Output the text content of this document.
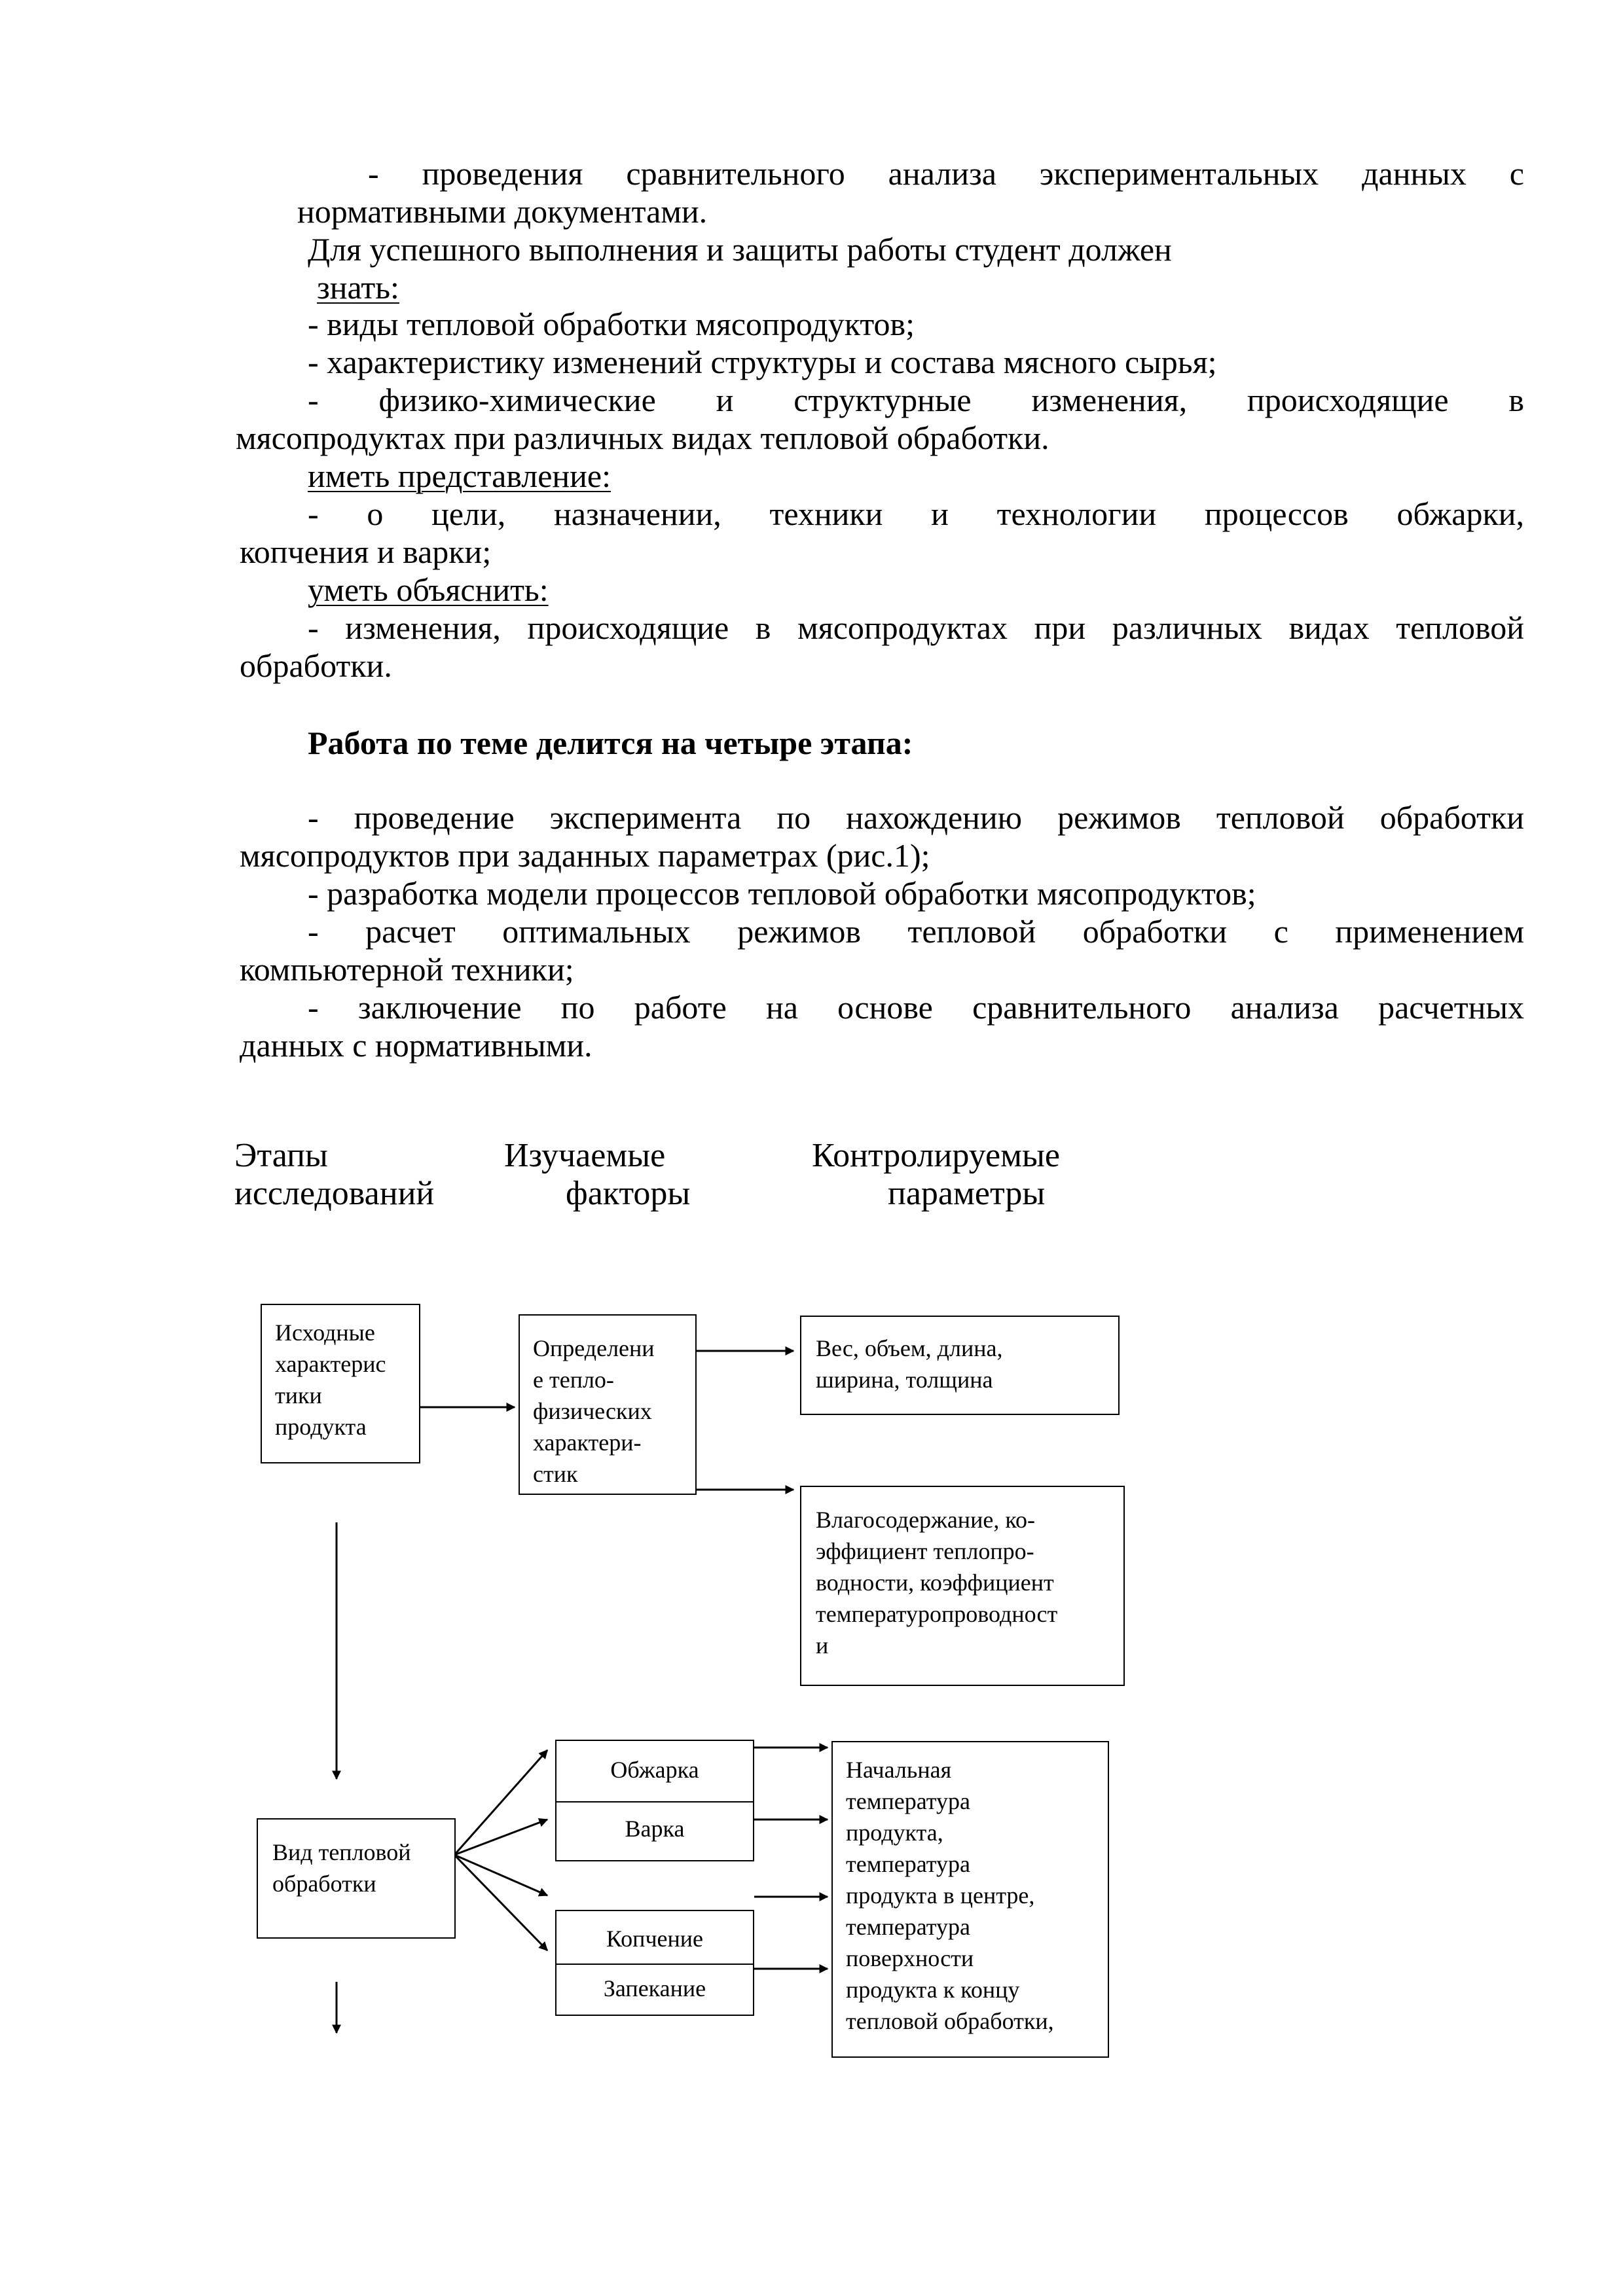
- проведения сравнительного анализа экспериментальных данных с
нормативными документами.
Для успешного выполнения и защиты работы студент должен
знать:
- виды тепловой обработки мясопродуктов;
- характеристику изменений структуры и состава мясного сырья;
- физико-химические и структурные изменения, происходящие в
мясопродуктах при различных видах тепловой обработки.
иметь представление:
- о цели, назначении, техники и технологии процессов обжарки,
копчения и варки;
уметь объяснить:
- изменения, происходящие в мясопродуктах при различных видах тепловой
обработки.
Работа по теме делится на четыре этапа:
- проведение эксперимента по нахождению режимов тепловой обработки
мясопродуктов при заданных параметрах (рис.1);
- разработка модели процессов тепловой обработки мясопродуктов;
- расчет оптимальных режимов тепловой обработки с применением
компьютерной техники;
- заключение по работе на основе сравнительного анализа расчетных
данных с нормативными.
Этапы
исследований
Изучаемые
факторы
Контролируемые
параметры
Исходные
характерис
тики
продукта
Определени
е тепло-
физических
характери-
стик
Вес, объем, длина,
ширина, толщина
Влагосодержание, ко-
эффициент теплопро-
водности, коэффициент
температуропроводност
и
Вид тепловой
обработки
Обжарка
Варка
Копчение
Запекание
Начальная
температура
продукта,
температура
продукта в центре,
температура
поверхности
продукта к концу
тепловой обработки,
